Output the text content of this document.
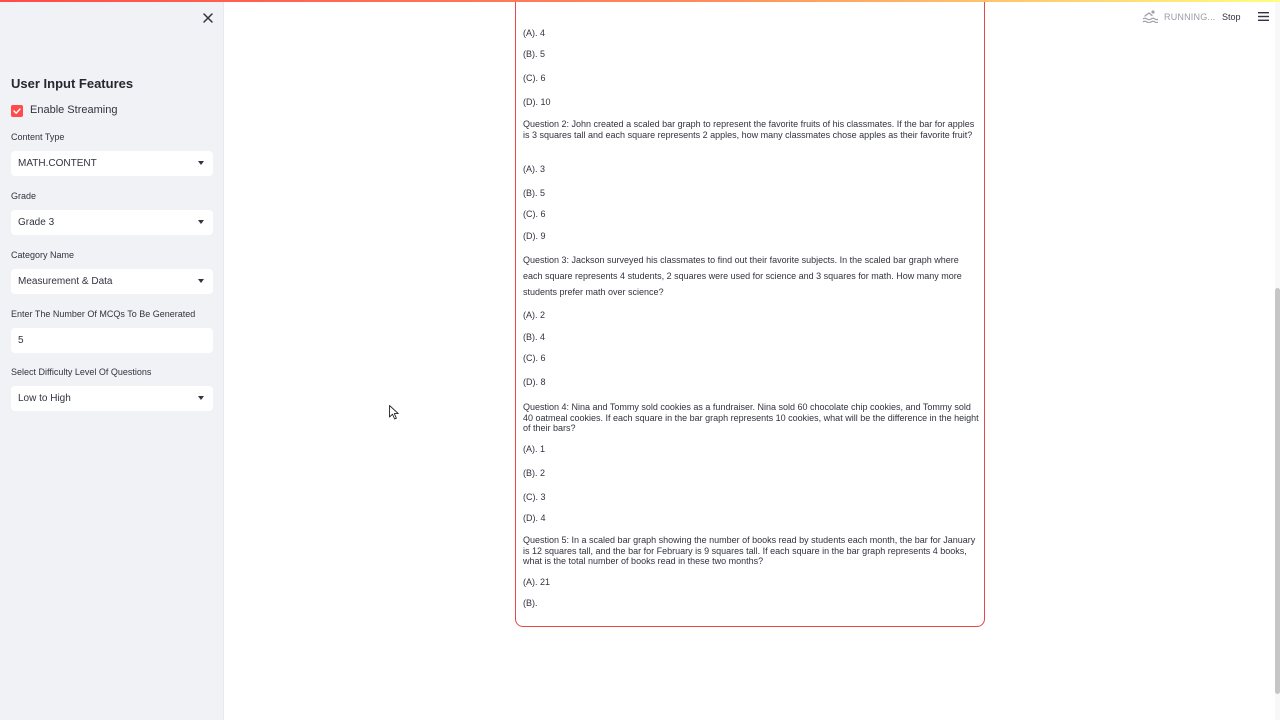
User Input Features
Enable Streaming
Content Type
MATH.CONTENT
Grade
Grade 3
Category Name
Measurement & Data
Enter The Number Of MCQs To Be Generated
5
Select Difficulty Level Of Questions
Low to High
RUNNING... Stop
(A). 4
(B). 5
(C). 6
(D). 10
Question 2: John created a scaled bar graph to represent the favorite fruits of his classmates. If the bar for apples is 3 squares tall and each square represents 2 apples, how many classmates chose apples as their favorite fruit?
(A). 3
(B). 5
(C). 6
(D). 9
Question 3: Jackson surveyed his classmates to find out their favorite subjects. In the scaled bar graph where each square represents 4 students, 2 squares were used for science and 3 squares for math. How many more students prefer math over science?
(A). 2
(B). 4
(C). 6
(D). 8
Question 4: Nina and Tommy sold cookies as a fundraiser. Nina sold 60 chocolate chip cookies, and Tommy sold 40 oatmeal cookies. If each square in the bar graph represents 10 cookies, what will be the difference in the height of their bars?
(A). 1
(B). 2
(C). 3
(D). 4
Question 5: In a scaled bar graph showing the number of books read by students each month, the bar for January is 12 squares tall, and the bar for February is 9 squares tall. If each square in the bar graph represents 4 books, what is the total number of books read in these two months?
(A). 21
(B).
